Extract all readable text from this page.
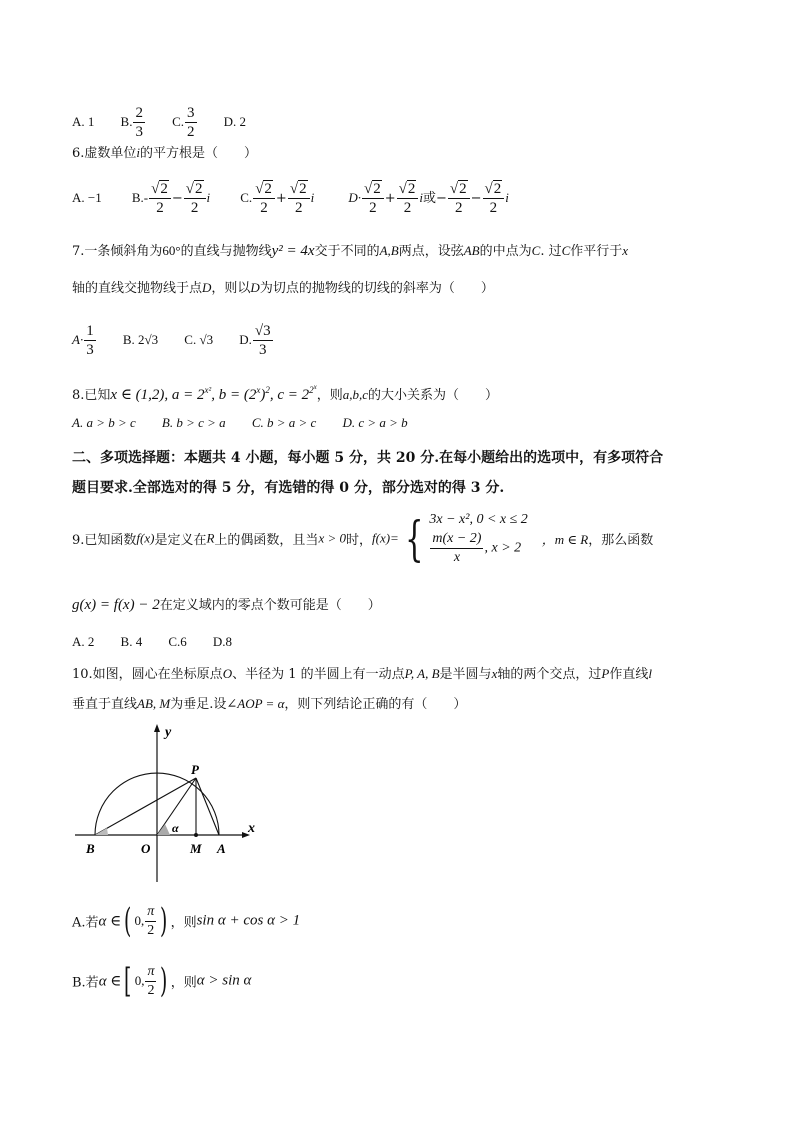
A. 1 B. $\frac{2}{3} C$. $\frac{3}{2} D$. 2
6.虚数单位i的平方根是（　　）
A. −1 $B.- \frac{√2}{2} - \frac{√2}{2}$ i C. $\frac{√2}{2} + \frac{√2}{2}$ i	$D\cdot \frac{√2}{2} + \frac{√2}{2}$ i或− $\frac{√2}{2} - \frac{√2}{2}$ i
7.一条倾斜角为60°的直线与抛物线y² = 4x交于不同的A,B两点，设弦AB的中点为C. 过C作平行于x
轴的直线交抛物线于点D，则以D为切点的抛物线的切线的斜率为（　　）
$A\cdot \frac{1}{3} B$. 2√3 C. √3 D. $\frac{√3}{3}$
8.已知x ∈ (1,2), $a = 2^{x^2}$, $b = (2^x)^2$, $c = 2^{2^x}$，则a,b,c的大小关系为（　　）
A. a > b > c B. b > c > a C. b > a > c D. c > a > b
二、多项选择题：本题共 4 小题，每小题 5 分，共 20 分.在每小题给出的选项中，有多项符合
题目要求.全部选对的得 5 分，有选错的得 0 分，部分选对的得 3 分.
9.已知函数f(x)是定义在R上的偶函数，且当x > 0时，f(x)= { 3x − x², 0 < x ≤ 2
$\frac{m(x - 2)}{x}$ , x > 2
，m ∈ R，那么函数
g(x) = f(x) − 2在定义域内的零点个数可能是（　　）
A. 2 B. 4 C.6 D.8
10.如图，圆心在坐标原点O、半径为 1 的半圆上有一动点P, A, B是半圆与x轴的两个交点，过P作直线l
垂直于直线AB, M为垂足.设∠AOP = α，则下列结论正确的有（　　）
y
x
P
B	O	M A
α
A.若α ∈( 0, $\frac{\pi}{2}$ ) ，则sin α + cos α > 1
B.若α ∈[ 0, $\frac{\pi}{2}$ ) ，则α > sin α
